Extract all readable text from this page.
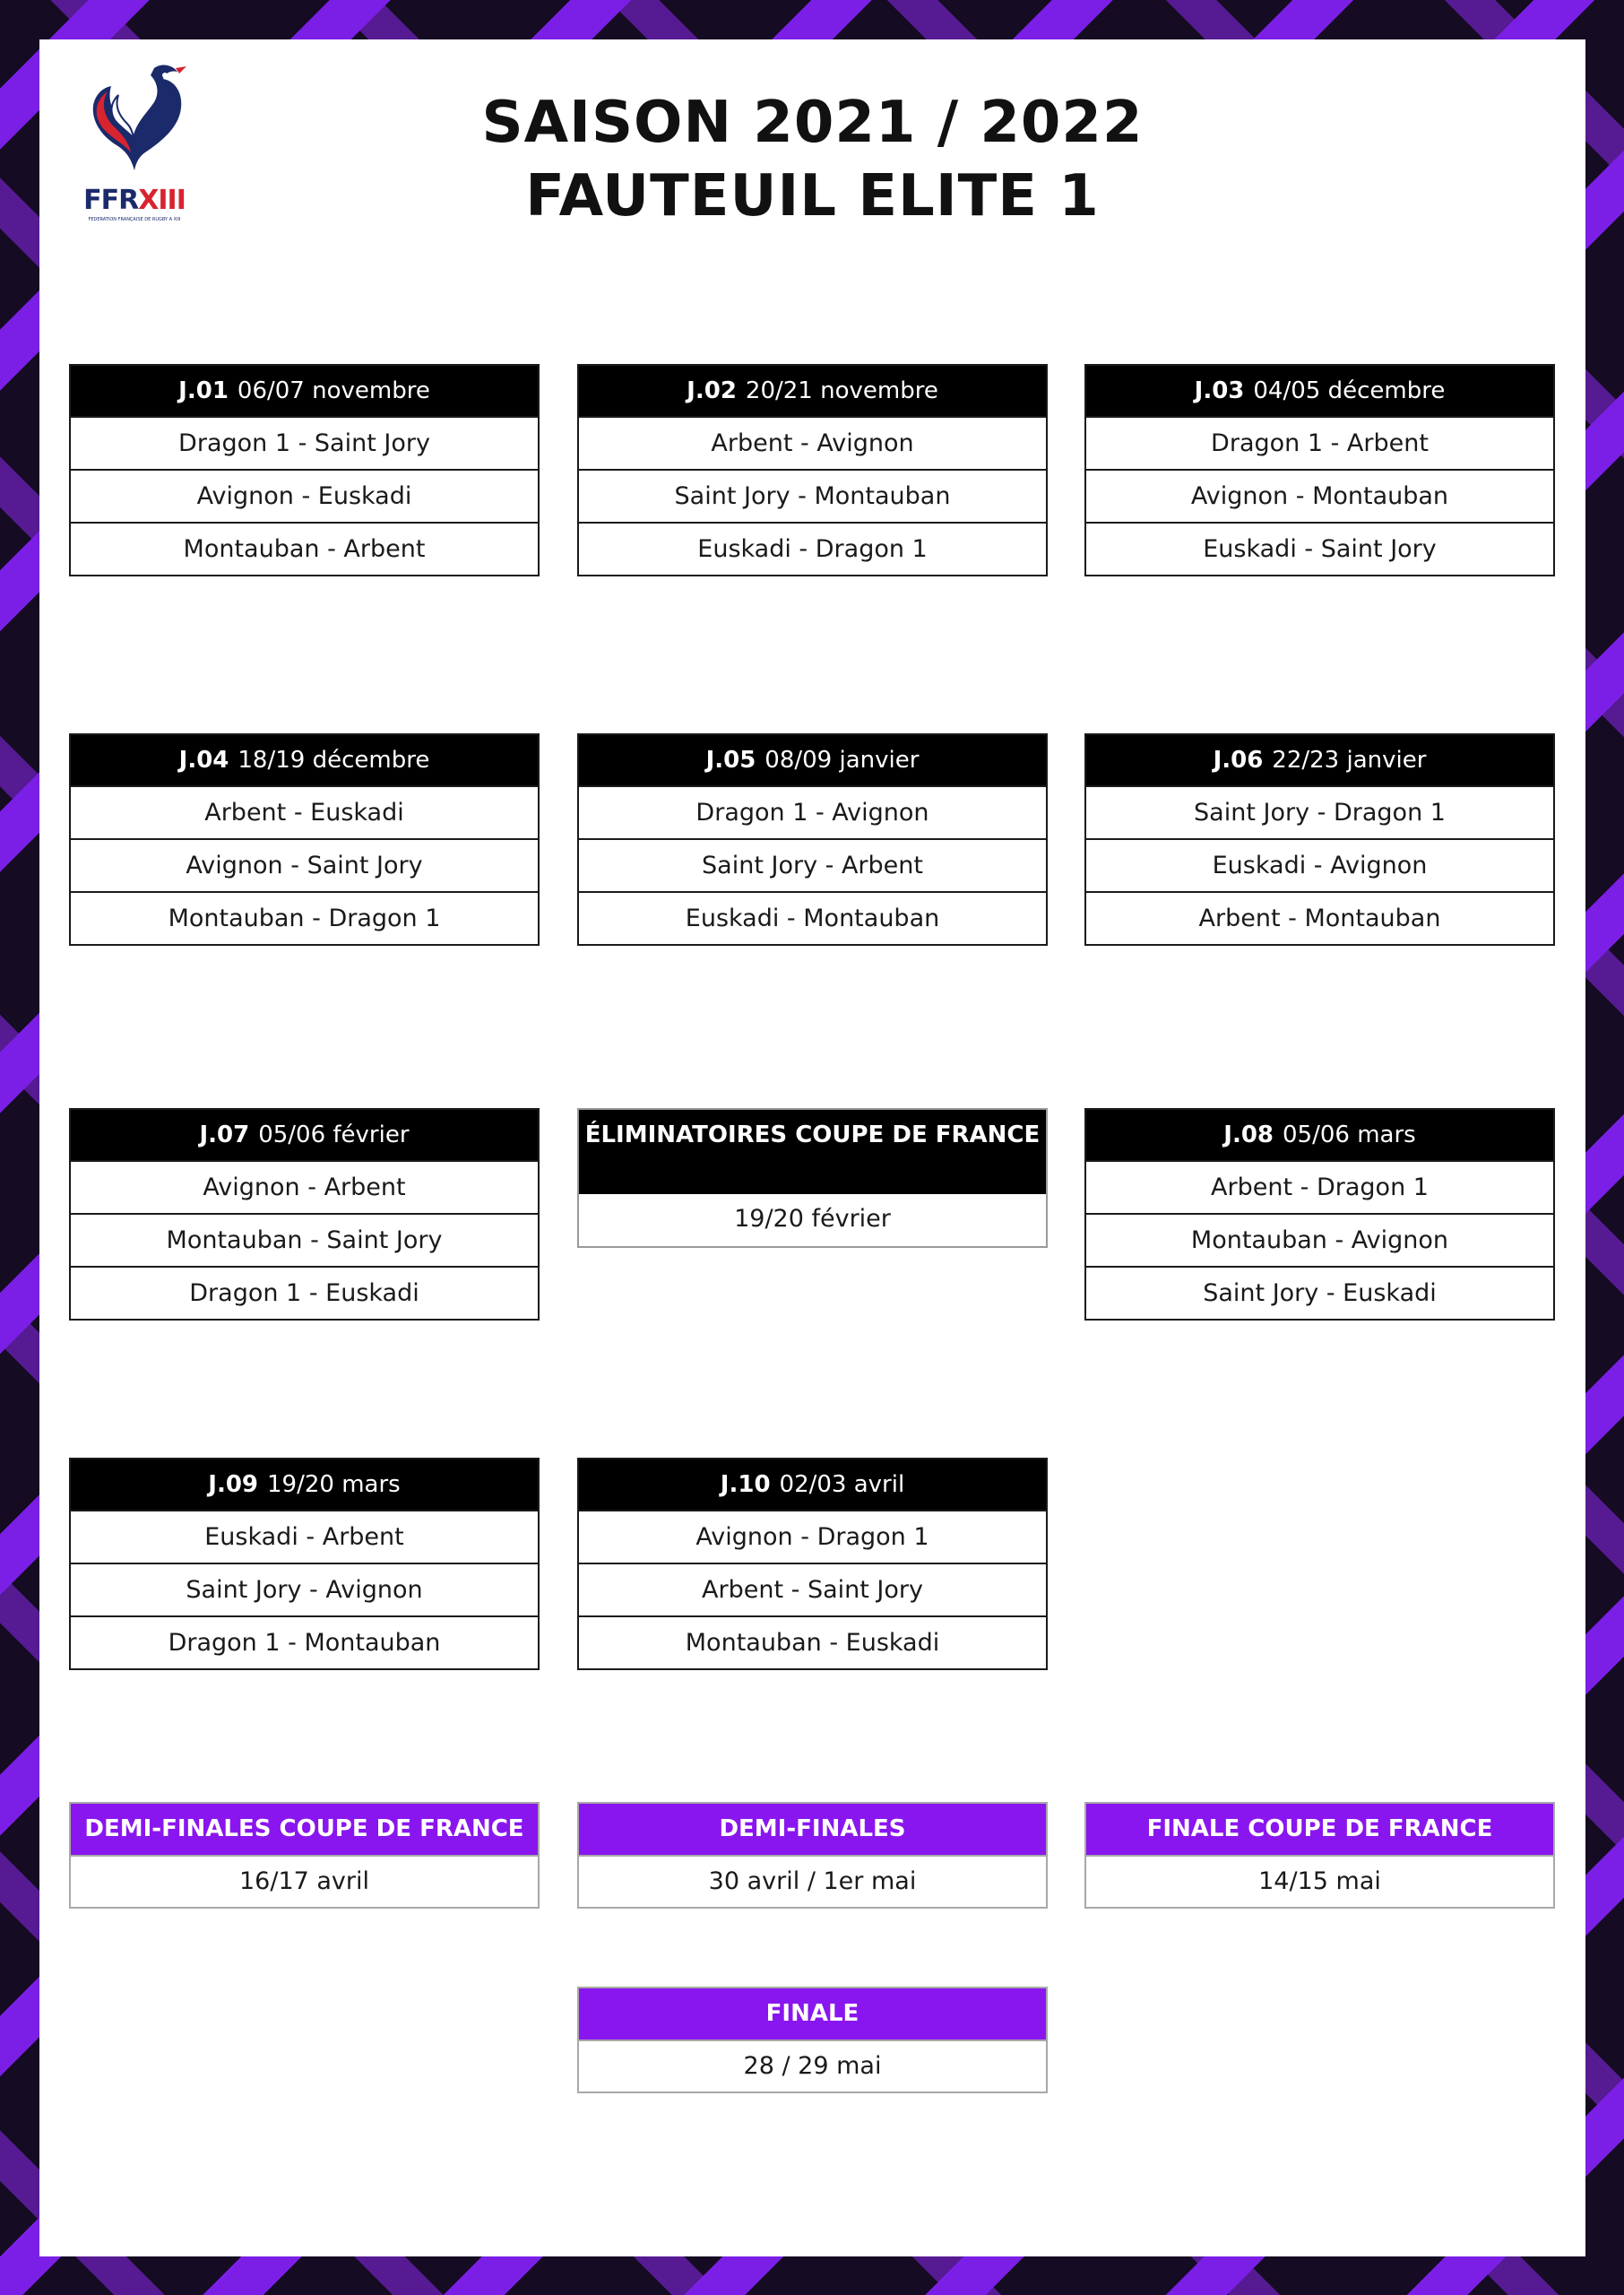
FFRXIII
FÉDÉRATION FRANÇAISE DE RUGBY À XIII
SAISON 2021 / 2022
FAUTEUIL ELITE 1
J.01 06/07 novembre
Dragon 1 - Saint Jory
Avignon - Euskadi
Montauban - Arbent
J.02 20/21 novembre
Arbent - Avignon
Saint Jory - Montauban
Euskadi - Dragon 1
J.03 04/05 décembre
Dragon 1 - Arbent
Avignon - Montauban
Euskadi - Saint Jory
J.04 18/19 décembre
Arbent - Euskadi
Avignon - Saint Jory
Montauban - Dragon 1
J.05 08/09 janvier
Dragon 1 - Avignon
Saint Jory - Arbent
Euskadi - Montauban
J.06 22/23 janvier
Saint Jory - Dragon 1
Euskadi - Avignon
Arbent - Montauban
J.07 05/06 février
Avignon - Arbent
Montauban - Saint Jory
Dragon 1 - Euskadi
ÉLIMINATOIRES COUPE DE FRANCE
19/20 février
J.08 05/06 mars
Arbent - Dragon 1
Montauban - Avignon
Saint Jory - Euskadi
J.09 19/20 mars
Euskadi - Arbent
Saint Jory - Avignon
Dragon 1 - Montauban
J.10 02/03 avril
Avignon - Dragon 1
Arbent - Saint Jory
Montauban - Euskadi
DEMI-FINALES COUPE DE FRANCE
16/17 avril
DEMI-FINALES
30 avril / 1er mai
FINALE COUPE DE FRANCE
14/15 mai
FINALE
28 / 29 mai
